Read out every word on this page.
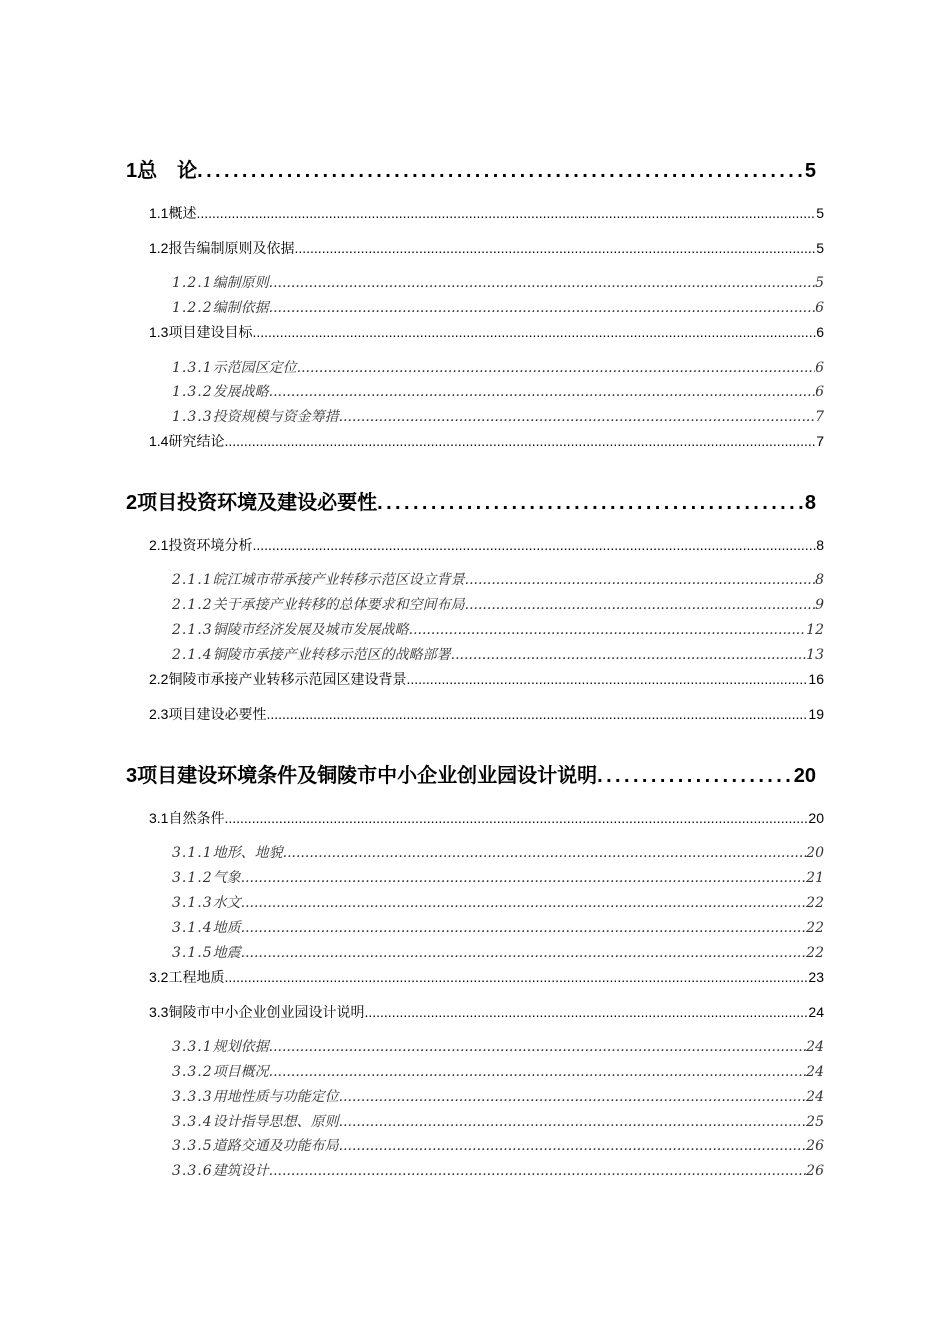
1 总　论 .....	5
1.1 概述 .....	5
1.2 报告编制原则及依据 .....	5
1.2.1 编制原则 .....	5
1.2.2 编制依据 .....	6
1.3 项目建设目标 .....	6
1.3.1 示范园区定位 .....	6
1.3.2 发展战略 .....	6
1.3.3 投资规模与资金筹措 .....	7
1.4 研究结论 .....	7
2 项目投资环境及建设必要性 .....	8
2.1 投资环境分析 .....	8
2.1.1 皖江城市带承接产业转移示范区设立背景 .....	8
2.1.2 关于承接产业转移的总体要求和空间布局 .....	9
2.1.3 铜陵市经济发展及城市发展战略 .....	12
2.1.4 铜陵市承接产业转移示范区的战略部署 .....	13
2.2 铜陵市承接产业转移示范园区建设背景 .....	16
2.3 项目建设必要性 .....	19
3 项目建设环境条件及铜陵市中小企业创业园设计说明 .....	20
3.1 自然条件 .....	20
3.1.1 地形、地貌 .....	20
3.1.2 气象 .....	21
3.1.3 水文 .....	22
3.1.4 地质 .....	22
3.1.5 地震 .....	22
3.2 工程地质 .....	23
3.3 铜陵市中小企业创业园设计说明 .....	24
3.3.1 规划依据 .....	24
3.3.2 项目概况 .....	24
3.3.3 用地性质与功能定位 .....	24
3.3.4 设计指导思想、原则 .....	25
3.3.5 道路交通及功能布局 .....	26
3.3.6 建筑设计 .....	26
